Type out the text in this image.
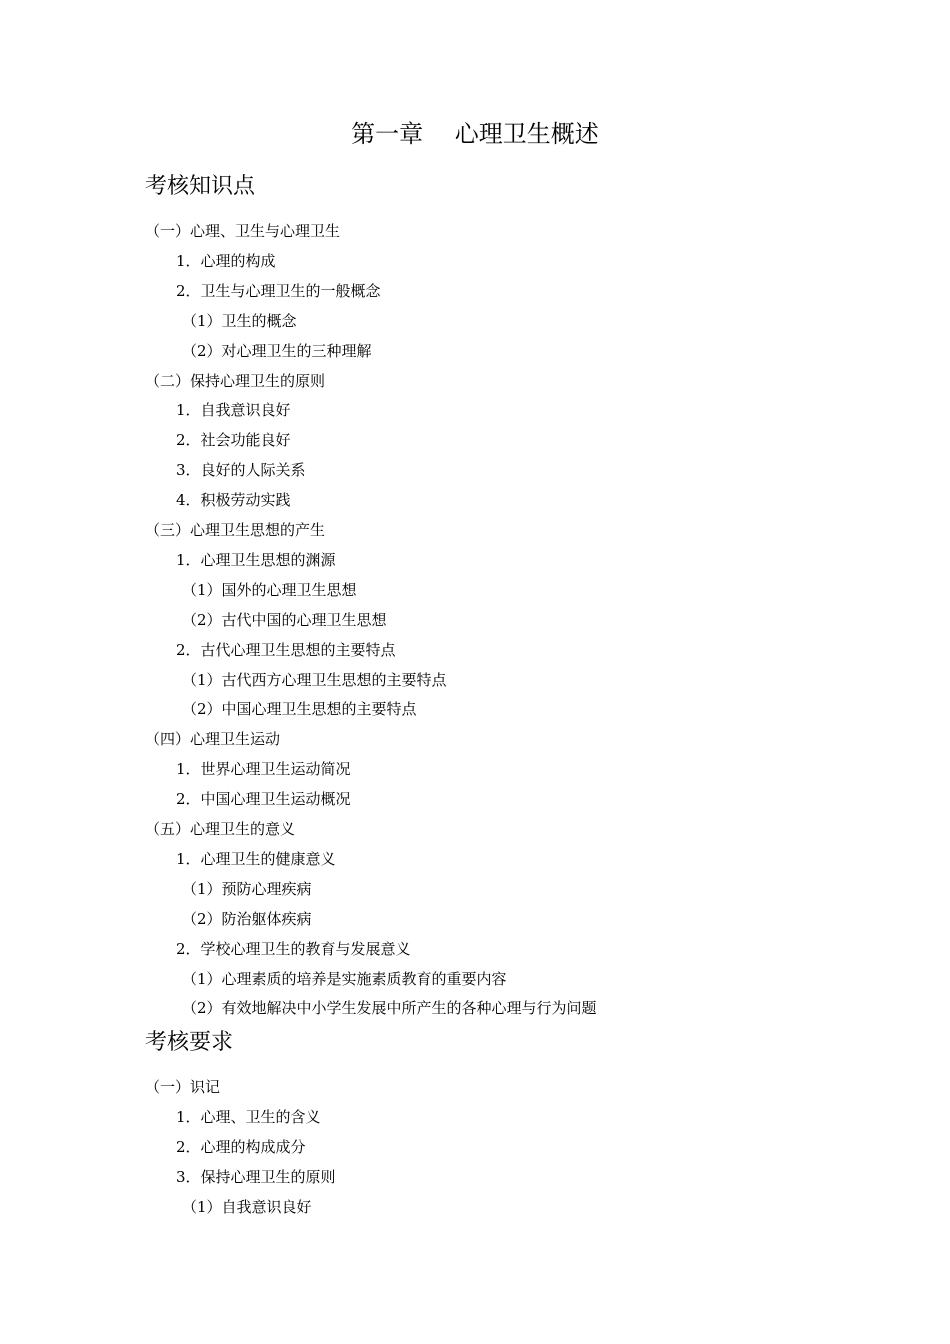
第一章　 心理卫生概述
考核知识点
（一）心理、卫生与心理卫生
1．心理的构成
2．卫生与心理卫生的一般概念
（1）卫生的概念
（2）对心理卫生的三种理解
（二）保持心理卫生的原则
1．自我意识良好
2．社会功能良好
3．良好的人际关系
4．积极劳动实践
（三）心理卫生思想的产生
1．心理卫生思想的渊源
（1）国外的心理卫生思想
（2）古代中国的心理卫生思想
2．古代心理卫生思想的主要特点
（1）古代西方心理卫生思想的主要特点
（2）中国心理卫生思想的主要特点
（四）心理卫生运动
1．世界心理卫生运动简况
2．中国心理卫生运动概况
（五）心理卫生的意义
1．心理卫生的健康意义
（1）预防心理疾病
（2）防治躯体疾病
2．学校心理卫生的教育与发展意义
（1）心理素质的培养是实施素质教育的重要内容
（2）有效地解决中小学生发展中所产生的各种心理与行为问题
考核要求
（一）识记
1．心理、卫生的含义
2．心理的构成成分
3．保持心理卫生的原则
（1）自我意识良好
